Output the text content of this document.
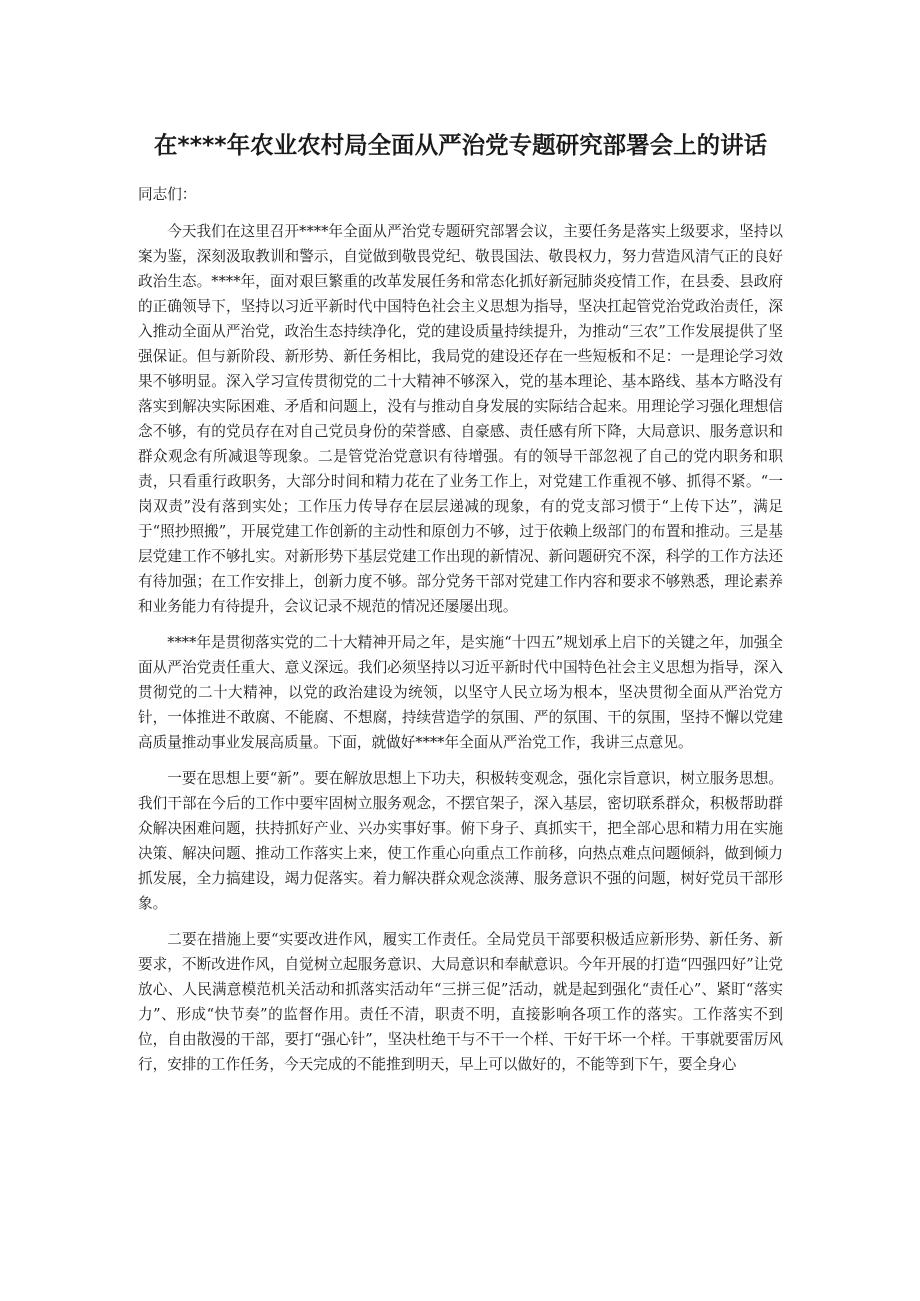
在****年农业农村局全面从严治党专题研究部署会上的讲话

同志们：

今天我们在这里召开****年全面从严治党专题研究部署会议，主要任务是落实上级要求，坚持以案为鉴，深刻汲取教训和警示，自觉做到敬畏党纪、敬畏国法、敬畏权力，努力营造风清气正的良好政治生态。****年，面对艰巨繁重的改革发展任务和常态化抓好新冠肺炎疫情工作，在县委、县政府的正确领导下，坚持以习近平新时代中国特色社会主义思想为指导，坚决扛起管党治党政治责任，深入推动全面从严治党，政治生态持续净化，党的建设质量持续提升，为推动“三农”工作发展提供了坚强保证。但与新阶段、新形势、新任务相比，我局党的建设还存在一些短板和不足：一是理论学习效果不够明显。深入学习宣传贯彻党的二十大精神不够深入，党的基本理论、基本路线、基本方略没有落实到解决实际困难、矛盾和问题上，没有与推动自身发展的实际结合起来。用理论学习强化理想信念不够，有的党员存在对自己党员身份的荣誉感、自豪感、责任感有所下降，大局意识、服务意识和群众观念有所减退等现象。二是管党治党意识有待增强。有的领导干部忽视了自己的党内职务和职责，只看重行政职务，大部分时间和精力花在了业务工作上，对党建工作重视不够、抓得不紧。“一岗双责”没有落到实处；工作压力传导存在层层递减的现象，有的党支部习惯于“上传下达”，满足于“照抄照搬”，开展党建工作创新的主动性和原创力不够，过于依赖上级部门的布置和推动。三是基层党建工作不够扎实。对新形势下基层党建工作出现的新情况、新问题研究不深，科学的工作方法还有待加强；在工作安排上，创新力度不够。部分党务干部对党建工作内容和要求不够熟悉，理论素养和业务能力有待提升，会议记录不规范的情况还屡屡出现。

****年是贯彻落实党的二十大精神开局之年，是实施“十四五”规划承上启下的关键之年，加强全面从严治党责任重大、意义深远。我们必须坚持以习近平新时代中国特色社会主义思想为指导，深入贯彻党的二十大精神，以党的政治建设为统领，以坚守人民立场为根本，坚决贯彻全面从严治党方针，一体推进不敢腐、不能腐、不想腐，持续营造学的氛围、严的氛围、干的氛围，坚持不懈以党建高质量推动事业发展高质量。下面，就做好****年全面从严治党工作，我讲三点意见。

一要在思想上要“新”。要在解放思想上下功夫，积极转变观念，强化宗旨意识，树立服务思想。我们干部在今后的工作中要牢固树立服务观念，不摆官架子，深入基层，密切联系群众，积极帮助群众解决困难问题，扶持抓好产业、兴办实事好事。俯下身子、真抓实干，把全部心思和精力用在实施决策、解决问题、推动工作落实上来，使工作重心向重点工作前移，向热点难点问题倾斜，做到倾力抓发展，全力搞建设，竭力促落实。着力解决群众观念淡薄、服务意识不强的问题，树好党员干部形象。

二要在措施上要“实要改进作风，履实工作责任。全局党员干部要积极适应新形势、新任务、新要求，不断改进作风，自觉树立起服务意识、大局意识和奉献意识。今年开展的打造“四强四好”让党放心、人民满意模范机关活动和抓落实活动年“三拼三促”活动，就是起到强化“责任心”、紧盯“落实力”、形成“快节奏”的监督作用。责任不清，职责不明，直接影响各项工作的落实。工作落实不到位，自由散漫的干部，要打“强心针”，坚决杜绝干与不干一个样、干好干坏一个样。干事就要雷厉风行，安排的工作任务，今天完成的不能推到明天，早上可以做好的，不能等到下午，要全身心
